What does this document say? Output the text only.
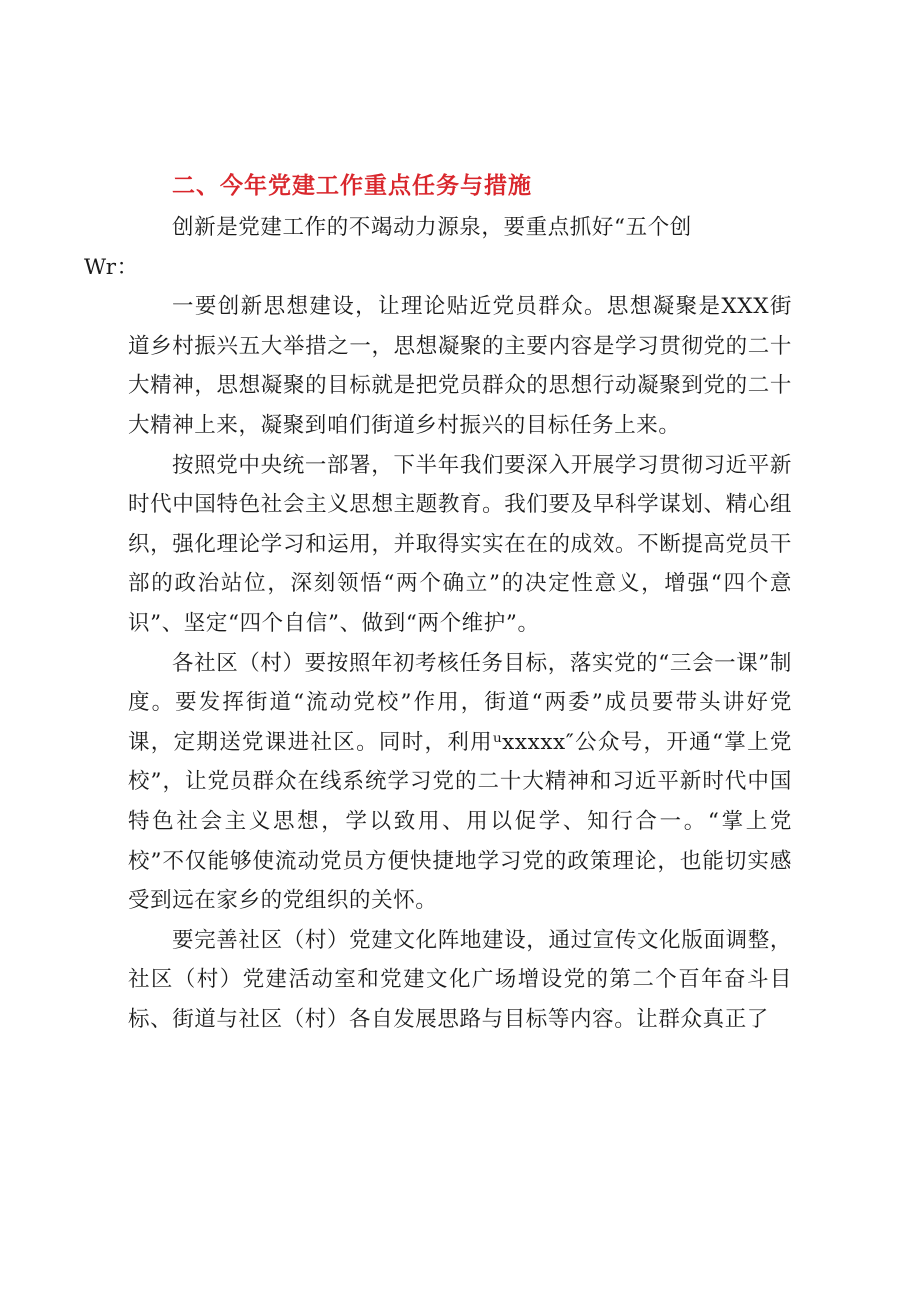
二、今年党建工作重点任务与措施

创新是党建工作的不竭动力源泉，要重点抓好“五个创
Wr：

一要创新思想建设，让理论贴近党员群众。思想凝聚是XXX街道乡村振兴五大举措之一，思想凝聚的主要内容是学习贯彻党的二十大精神，思想凝聚的目标就是把党员群众的思想行动凝聚到党的二十大精神上来，凝聚到咱们街道乡村振兴的目标任务上来。

按照党中央统一部署，下半年我们要深入开展学习贯彻习近平新时代中国特色社会主义思想主题教育。我们要及早科学谋划、精心组织，强化理论学习和运用，并取得实实在在的成效。不断提高党员干部的政治站位，深刻领悟“两个确立”的决定性意义，增强“四个意识”、坚定“四个自信”、做到“两个维护”。

各社区（村）要按照年初考核任务目标，落实党的“三会一课”制度。要发挥街道“流动党校”作用，街道“两委”成员要带头讲好党课，定期送党课进社区。同时，利用ᵘxxxxx″公众号，开通“掌上党校”，让党员群众在线系统学习党的二十大精神和习近平新时代中国特色社会主义思想，学以致用、用以促学、知行合一。“掌上党校”不仅能够使流动党员方便快捷地学习党的政策理论，也能切实感受到远在家乡的党组织的关怀。

要完善社区（村）党建文化阵地建设，通过宣传文化版面调整，社区（村）党建活动室和党建文化广场增设党的第二个百年奋斗目标、街道与社区（村）各自发展思路与目标等内容。让群众真正了
